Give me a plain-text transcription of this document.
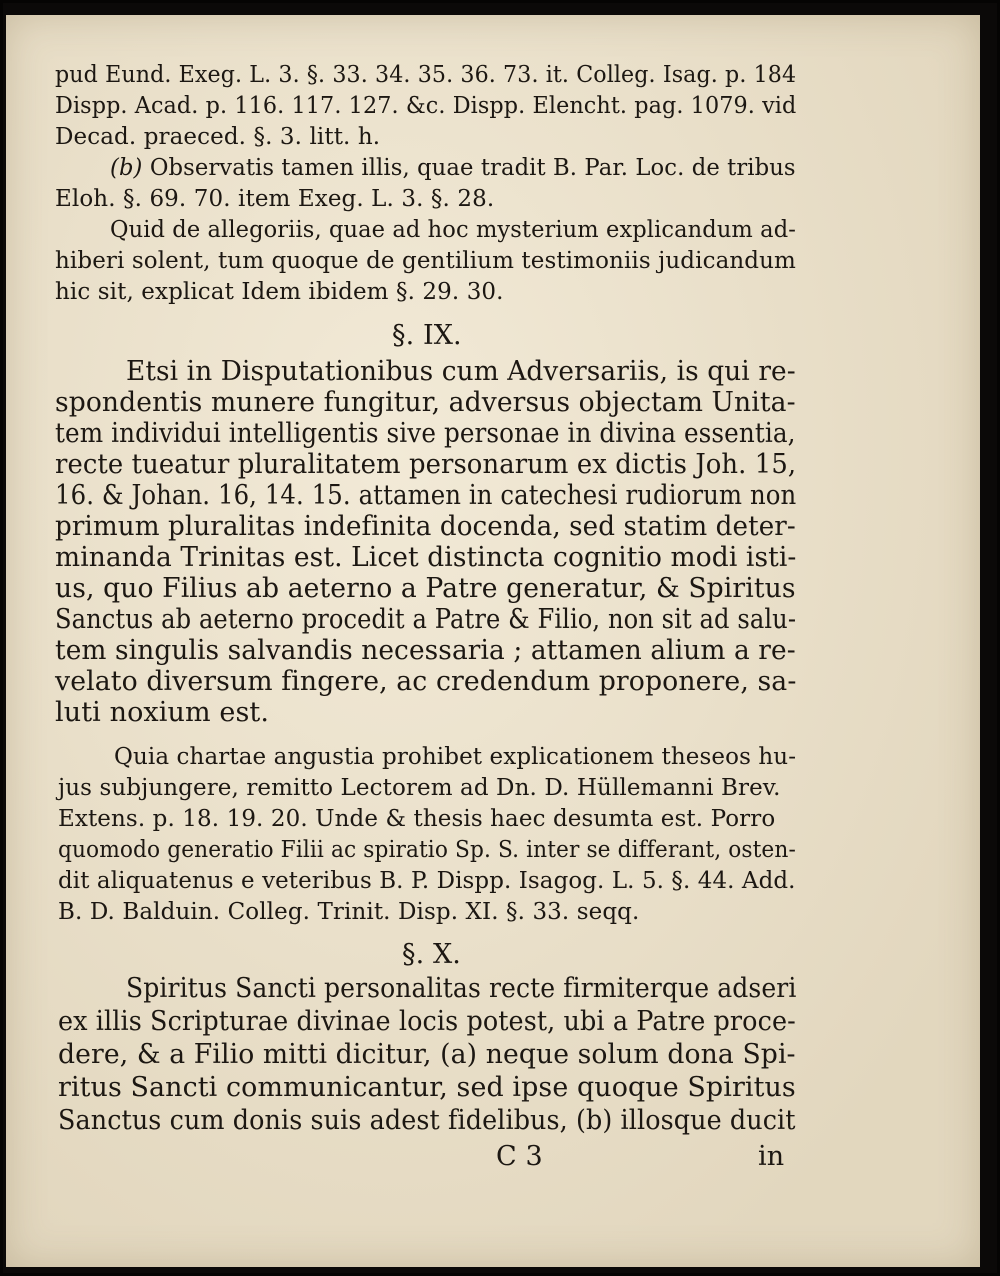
pud Eund. Exeg. L. 3. §. 33. 34. 35. 36. 73. it. Colleg. Isag. p. 184
Dispp. Acad. p. 116. 117. 127. &c. Dispp. Elencht. pag. 1079. vid
Decad. praeced. §. 3. litt. h.
(b) Observatis tamen illis, quae tradit B. Par. Loc. de tribus
Eloh. §. 69. 70. item Exeg. L. 3. §. 28.
Quid de allegoriis, quae ad hoc mysterium explicandum ad-
hiberi solent, tum quoque de gentilium testimoniis judicandum
hic sit, explicat Idem ibidem §. 29. 30.
§. IX.
Etsi in Disputationibus cum Adversariis, is qui re-
spondentis munere fungitur, adversus objectam Unita-
tem individui intelligentis sive personae in divina essentia,
recte tueatur pluralitatem personarum ex dictis Joh. 15,
16. & Johan. 16, 14. 15. attamen in catechesi rudiorum non
primum pluralitas indefinita docenda, sed statim deter-
minanda Trinitas est. Licet distincta cognitio modi isti-
us, quo Filius ab aeterno a Patre generatur, & Spiritus
Sanctus ab aeterno procedit a Patre & Filio, non sit ad salu-
tem singulis salvandis necessaria ; attamen alium a re-
velato diversum fingere, ac credendum proponere, sa-
luti noxium est.
Quia chartae angustia prohibet explicationem theseos hu-
jus subjungere, remitto Lectorem ad Dn. D. Hüllemanni Brev.
Extens. p. 18. 19. 20. Unde & thesis haec desumta est. Porro
quomodo generatio Filii ac spiratio Sp. S. inter se differant, osten-
dit aliquatenus e veteribus B. P. Dispp. Isagog. L. 5. §. 44. Add.
B. D. Balduin. Colleg. Trinit. Disp. XI. §. 33. seqq.
§. X.
Spiritus Sancti personalitas recte firmiterque adseri
ex illis Scripturae divinae locis potest, ubi a Patre proce-
dere, & a Filio mitti dicitur, (a) neque solum dona Spi-
ritus Sancti communicantur, sed ipse quoque Spiritus
Sanctus cum donis suis adest fidelibus, (b) illosque ducit
C 3	in
